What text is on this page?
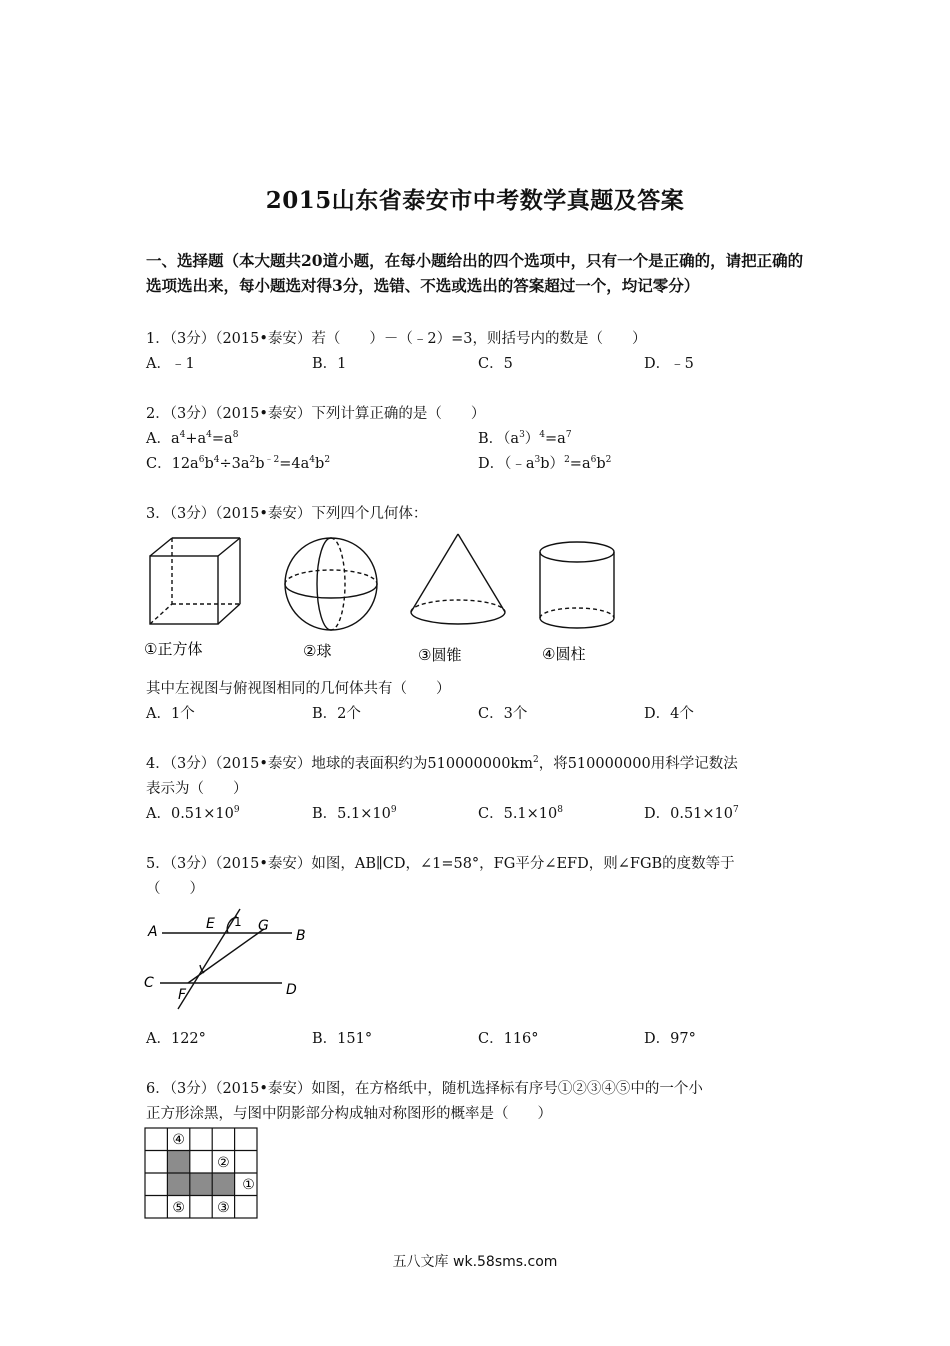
2015山东省泰安市中考数学真题及答案
一、选择题（本大题共20道小题，在每小题给出的四个选项中，只有一个是正确的，请把正确的选项选出来，每小题选对得3分，选错、不选或选出的答案超过一个，均记零分）
1．（3分）（2015•泰安）若（　　）－（﹣2）=3，则括号内的数是（　　）
A．﹣1	B．1	C．5	D．﹣5
2．（3分）（2015•泰安）下列计算正确的是（　　）
A．$a^4+a^4=a^8$	B．$(a^3)^4=a^7$
C．$12a^6b^4\div 3a^2b^{﹣2}=4a^4b^2$	D．$(﹣a^3b)^2=a^6b^2$
3．（3分）（2015•泰安）下列四个几何体：
①正方体	②球	③圆锥	④圆柱
其中左视图与俯视图相同的几何体共有（　　）
A．1个	B．2个	C．3个	D．4个
4．（3分）（2015•泰安）地球的表面积约为$510000000km^2$，将510000000用科学记数法
表示为（　　）
A．$0.51\times 10^9$	B．$5.1\times 10^9$	C．$5.1\times 10^8$	D．$0.51\times 10^7$
5．（3分）（2015•泰安）如图，AB∥CD，∠1=58°，FG平分∠EFD，则∠FGB的度数等于
（　　）
A	E 1 G
B
C
F	D
A．122°	B．151°	C．116°	D．97°
6．（3分）（2015•泰安）如图，在方格纸中，随机选择标有序号①②③④⑤中的一个小
正方形涂黑，与图中阴影部分构成轴对称图形的概率是（　　）
④
②
①
⑤ ③
五八文库 wk.58sms.com
